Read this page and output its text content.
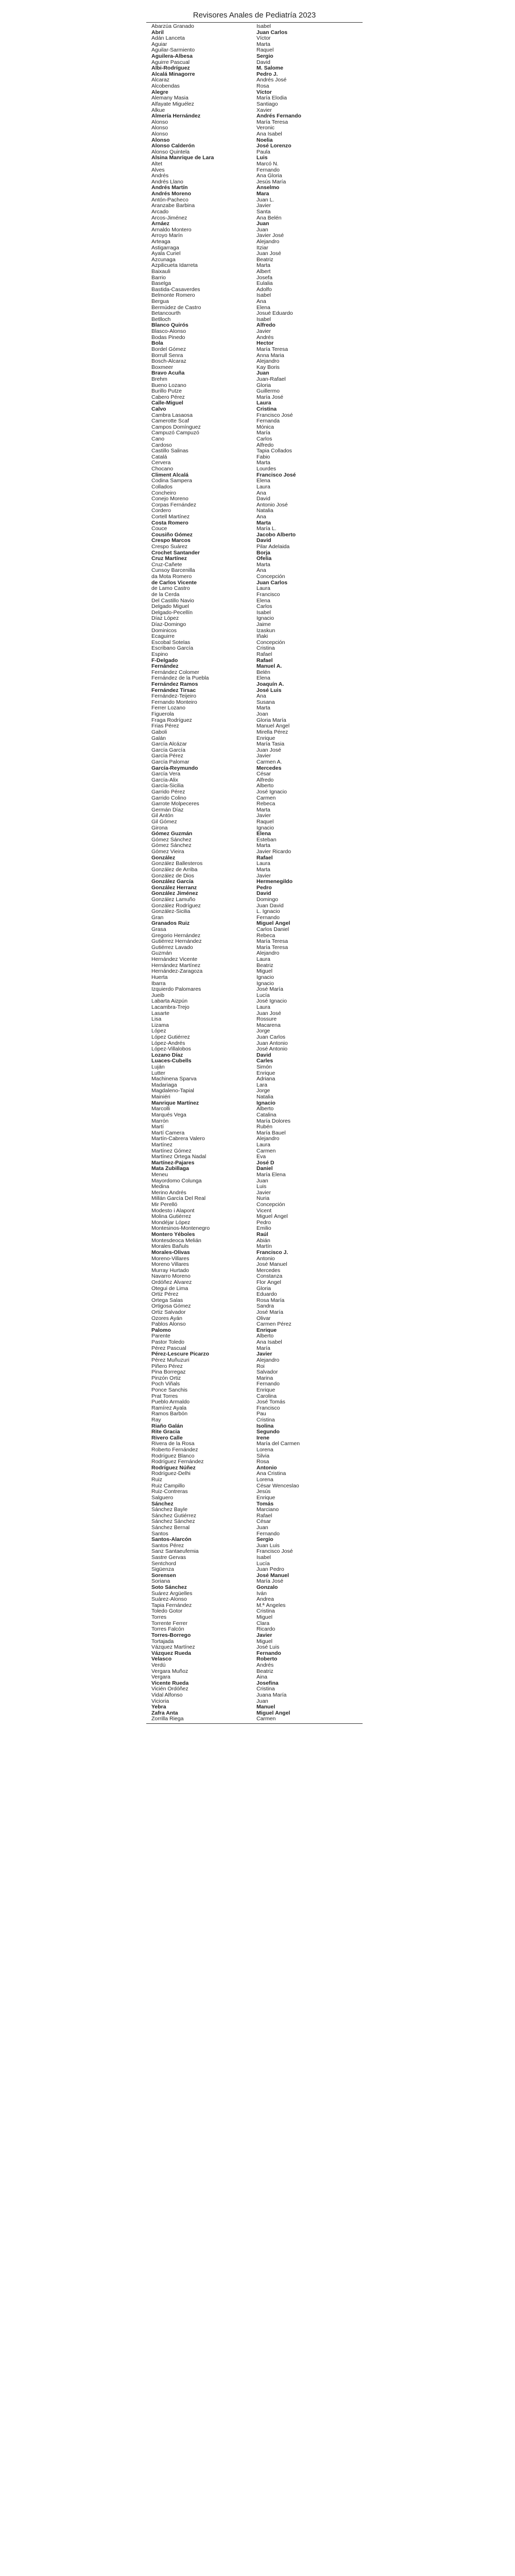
Revisores Anales de Pediatría 2023
Abarzúa Granado	Isabel
Abril	Juan Carlos
Adán Lanceta	Víctor
Aguiar	Marta
Aguilar-Sarmiento	Raquel
Aguilera-Albesa	Sergio
Aguirre Pascual	David
Albi-Rodríguez	M. Salome
Alcalá Minagorre	Pedro J.
Alcaraz	Andrés José
Alcobendas	Rosa
Alegre	Víctor
Alemany Masia	María Elodia
Alfayate Miguélez	Santiago
Alkue	Xavier
Almería Hernández	Andrés Fernando
Alonso	María Teresa
Alonso	Veronic
Alonso	Ana Isabel
Alonso	Noelia
Alonso Calderón	José Lorenzo
Alonso Quintela	Paula
Alsina Manrique de Lara	Luis
Altet	Marcó N.
Alves	Fernando
Andrés	Ana Gloria
Andrés Llano	Jesús María
Andrés Martín	Anselmo
Andrés Moreno	Mara
Antón-Pacheco	Juan L.
Aranzabe Barbina	Javier
Arcado	Santa
Arcos-Jiménez	Ana Belén
Arnáez	Juan
Arnaldo Montero	Juan
Arroyo Marín	Javier José
Arteaga	Alejandro
Astigarraga	Itziar
Ayala Curiel	Juan José
Azcunaga	Beatriz
Azpilicueta Idarreta	Marta
Baixauli	Albert
Barrio	Josefa
Baselga	Eulalia
Bastida-Casaverdes	Adolfo
Belmonte Romero	Isabel
Bergua	Ana
Bermúdez de Castro	Elena
Betancourth	Josué Eduardo
Betlloch	Isabel
Blanco Quirós	Alfredo
Blasco-Alonso	Javier
Bodas Pinedo	Andrés
Bola	Hector
Bordel Gómez	María Teresa
Borrull Senra	Anna Maria
Bosch-Alcaraz	Alejandro
Boxmeer	Kay Boris
Bravo Acuña	Juan
Brehm	Juan-Rafael
Bueno Lozano	Gloria
Burillo Putze	Guillermo
Cabero Pérez	María José
Calle-Miguel	Laura
Calvo	Cristina
Cambra Lasaosa	Francisco José
Camerotte Scaf	Fernanda
Campos Domínguez	Mónica
Campuzó Campuzó	María
Cano	Carlos
Cardoso	Alfredo
Castillo Salinas	Tapia Collados
Catalá	Fabio
Cervera	Marta
Chocano	Lourdes
Climent Alcalá	Francisco José
Codina Sampera	Elena
Collados	Laura
Concheiro	Ana
Conejo Moreno	David
Corpas Fernández	Antonio José
Cordero	Natalia
Cortell Martínez	Ana
Costa Romero	Marta
Couce	María L.
Cousiño Gómez	Jacobo Alberto
Crespo Marcos	David
Crespo Suárez	Pilar Adelaida
Crochet Santander	Borja
Cruz Martínez	Ofelia
Cruz-Cañete	Marta
Cunsoy Barcenilla	Ana
da Mota Romero	Concepción
de Carlos Vicente	Juan Carlos
de Lamo Castro	Laura
de la Cerda	Francisco
Del Castillo Navio	Elena
Delgado Miguel	Carlos
Delgado-Pecellín	Isabel
Díaz López	Ignacio
Díaz-Domingo	Jaime
Dominicos	Izaskun
Ecaguirre	Iñaki
Escobal Sotelas	Concepción
Escribano García	Cristina
Espino	Rafael
F-Delgado	Rafael
Fernández	Manuel A.
Fernández Colomer	Belén
Fernández de la Puebla	Elena
Fernández Ramos	Joaquín A.
Fernández Tirsac	José Luis
Fernández-Teijeiro	Ana
Fernando Monteiro	Susana
Ferrer Lozano	Marta
Figuerola	Joan
Fraga Rodríguez	Gloria María
Frias Pérez	Manuel Ángel
Gaboli	Mirella Pérez
Galán	Enrique
García Alcázar	María Tasia
García García	Juan José
García Pérez	Javier
García Palomar	Carmen A.
García-Reymundo	Mercedes
García Vera	César
García-Alix	Alfredo
García-Sicilia	Alberto
Garrido Pérez	José Ignacio
Garrido Colino	Carmen
Garrote Molpeceres	Rebeca
Germán Díaz	Marta
Gil Antón	Javier
Gil Gómez	Raquel
Girona	Ignacio
Gómez Guzmán	Elena
Gómez Sánchez	Esteban
Gómez Sánchez	Marta
Gómez Vieira	Javier Ricardo
González	Rafael
González Ballesteros	Laura
González de Arriba	Marta
González de Dios	Javier
González García	Hermenegildo
González Herranz	Pedro
González Jiménez	David
González Lamuño	Domingo
González Rodríguez	Juan David
González-Sicilia	L. Ignacio
Gran	Fernando
Granados Ruiz	Miguel Ángel
Grasa	Carlos Daniel
Gregorio Hernández	Rebeca
Gutiérrez Hernández	María Teresa
Gutiérrez Lavado	María Teresa
Guzmán	Alejandro
Hernández Vicente	Laura
Hernández Martínez	Beatriz
Hernández-Zaragoza	Miguel
Huerta	Ignacio
Ibarra	Ignacio
Izquierdo Palomares	José María
Jueib	Lucía
Labarta Aizpún	José Ignacio
Lacambra-Trejo	Laura
Lasarte	Juan José
Lisa	Rossure
Lizama	Macarena
López	Jorge
López Gutiérrez	Juan Carlos
López-Andrés	Juan Antonio
López-Villalobos	José Antonio
Lozano Díaz	David
Luaces-Cubells	Carles
Luján	Simón
Lutter	Enrique
Machinena Sparva	Adriana
Madariaga	Lara
Magdaleno-Tapial	Jorge
Mainiéri	Natalia
Manrique Martínez	Ignacio
Marcolli	Alberto
Marqués Vega	Catalina
Marrón	María Dolores
Martí	Rubén
Martí Camera	María Bauel
Martín-Cabrera Valero	Alejandro
Martínez	Laura
Martínez Gómez	Carmen
Martínez Ortega Nadal	Eva
Martínez-Pajares	José D
Mata Zubillaga	Daniel
Meneu	María Elena
Mayordomo Colunga	Juan
Medina	Luis
Merino Andrés	Javier
Millán García Del Real	Nuria
Mir Perelló	Concepción
Modesto i Alapont	Vicent
Molina Gutiérrez	Miguel Ángel
Mondéjar López	Pedro
Montesinos-Montenegro	Emilio
Montero Yéboles	Raúl
Montesdeoca Melián	Abián
Morales Bañuls	Martín
Morales-Olivas	Francisco J.
Moreno-Villares	Antonio
Moreno Villares	José Manuel
Murray Hurtado	Mercedes
Navarro Moreno	Constanza
Ordóñez Álvarez	Flor Ángel
Otegui de Lima	Gloria
Ortiz Pérez	Eduardo
Ortega Salas	Rosa María
Ortigosa Gómez	Sandra
Ortiz Salvador	José María
Ozores Ayán	Olivar
Pablos Alonso	Carmen Pérez
Palomo	Enrique
Parente	Alberto
Pastor Toledo	Ana Isabel
Pérez Pascual	María
Pérez-Lescure Picarzo	Javier
Pérez Muñuzuri	Alejandro
Piñero Pérez	Roi
Pina Borregaz	Salvador
Pinzón Ortiz	Marina
Poch Viñals	Fernando
Ponce Sanchis	Enrique
Prat Torres	Carolina
Pueblo Armaldo	José Tomás
Ramírez Ayala	Francisco
Ramos Barbón	Pau
Ray	Cristina
Riaño Galán	Isolina
Rite Gracia	Segundo
Rivero Calle	Irene
Rivera de la Rosa	María del Carmen
Roberto Fernández	Lorena
Rodríguez Blanco	Silvia
Rodríguez Fernández	Rosa
Rodríguez Núñez	Antonio
Rodríguez-Delhi	Ana Cristina
Ruiz	Lorena
Ruiz Campillo	César Wenceslao
Ruiz-Contreras	Jesús
Salguero	Enrique
Sánchez	Tomás
Sánchez Bayle	Marciano
Sánchez Gutiérrez	Rafael
Sánchez Sánchez	César
Sánchez Bernal	Juan
Santos	Fernando
Santos-Alarcón	Sergio
Santos Pérez	Juan Luis
Sanz Santaeufemia	Francisco José
Sastre Gervas	Isabel
Sentchord	Lucía
Sigüenza	Juan Pedro
Sorensen	José Manuel
Soriana	María José
Soto Sánchez	Gonzalo
Suárez Argüelles	Iván
Suárez-Alonso	Andrea
Tapia Fernández	M.ª Ángeles
Toledo Gotor	Cristina
Torres	Miguel
Torrente Ferrer	Clara
Torres Falcón	Ricardo
Torres-Borrego	Javier
Tortajada	Miguel
Vázquez Martínez	José Luis
Vázquez Rueda	Fernando
Velasco	Roberto
Verdú	Andrés
Vergara Muñoz	Beatriz
Vergara	Aina
Vicente Rueda	Josefina
Vicién Ordóñez	Cristina
Vidal Alfonso	Juana María
Vicioria	Juan
Yebra	Manuel
Zafra Anta	Miguel Ángel
Zorrilla Riega	Carmen
